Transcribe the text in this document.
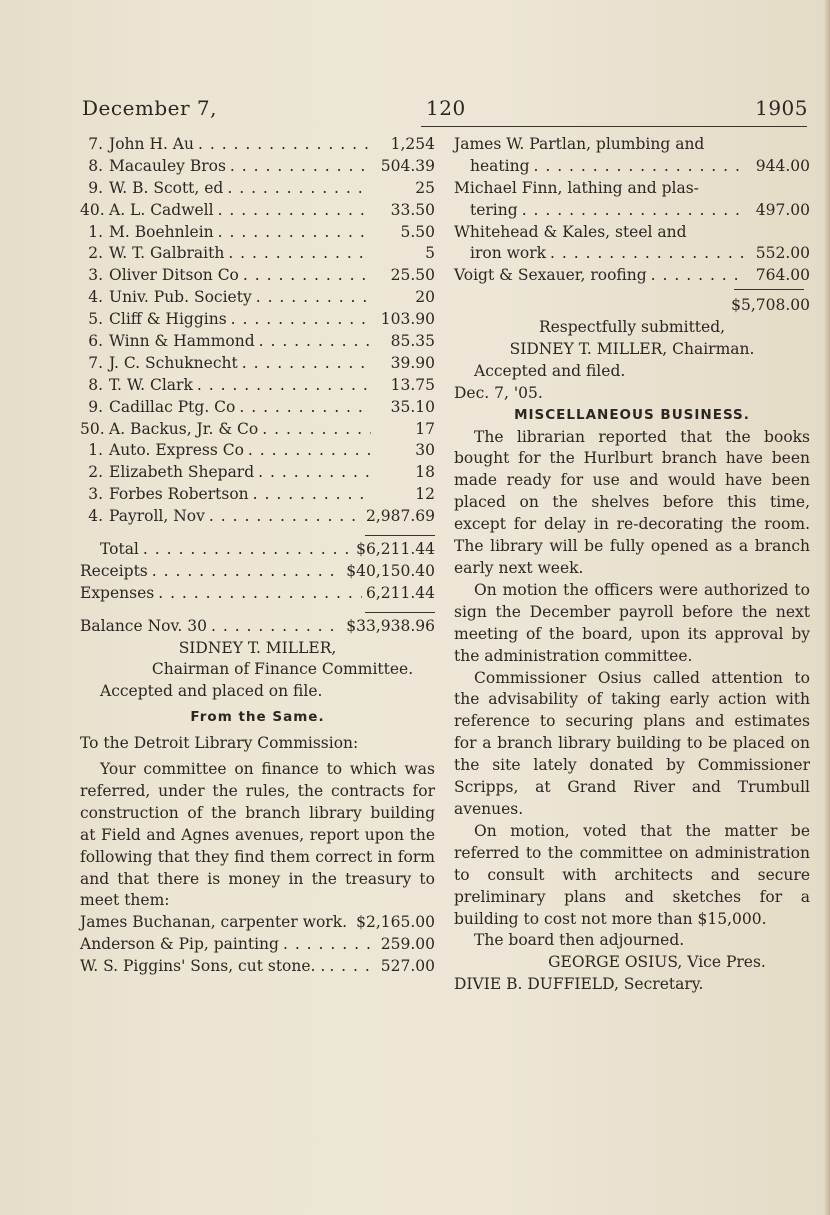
December 7,	120	1905
7. John H. Au . . .	1,254
8. Macauley Bros . . .	504.39
9. W. B. Scott, ed . . .	25
40. A. L. Cadwell . . .	33.50
1. M. Boehnlein . . .	5.50
2. W. T. Galbraith . . .	5
3. Oliver Ditson Co . . .	25.50
4. Univ. Pub. Society . . .	20
5. Cliff & Higgins . . .	103.90
6. Winn & Hammond . . .	85.35
7. J. C. Schuknecht . . .	39.90
8. T. W. Clark . . .	13.75
9. Cadillac Ptg. Co . . .	35.10
50. A. Backus, Jr. & Co . . .	17
1. Auto. Express Co . . .	30
2. Elizabeth Shepard . . .	18
3. Forbes Robertson . . .	12
4. Payroll, Nov . . .	2,987.69
Total . . .	$6,211.44
Receipts . . .	$40,150.40
Expenses . . .	6,211.44
Balance Nov. 30 . . .	$33,938.96
SIDNEY T. MILLER,
Chairman of Finance Committee.
Accepted and placed on file.
From the Same.
To the Detroit Library Commission:

Your committee on finance to which was referred, under the rules, the contracts for construction of the branch library building at Field and Agnes avenues, report upon the following that they find them correct in form and that there is money in the treasury to meet them:

James Buchanan, carpenter work. . . . $2,165.00
Anderson & Pip, painting . . .	259.00
W. S. Piggins' Sons, cut stone. . . . .	527.00
James W. Partlan, plumbing and
heating . . .	944.00
Michael Finn, lathing and plas-
tering . . .	497.00
Whitehead & Kales, steel and
iron work . . .	552.00
Voigt & Sexauer, roofing . . .	764.00
$5,708.00
Respectfully submitted,
SIDNEY T. MILLER, Chairman.
Accepted and filed.
Dec. 7, '05.
MISCELLANEOUS BUSINESS.

The librarian reported that the books bought for the Hurlburt branch have been made ready for use and would have been placed on the shelves before this time, except for delay in re-decorating the room. The library will be fully opened as a branch early next week.

On motion the officers were authorized to sign the December payroll before the next meeting of the board, upon its approval by the administration committee.

Commissioner Osius called attention to the advisability of taking early action with reference to securing plans and estimates for a branch library building to be placed on the site lately donated by Commissioner Scripps, at Grand River and Trumbull avenues.

On motion, voted that the matter be referred to the committee on administration to consult with architects and secure preliminary plans and sketches for a building to cost not more than $15,000.

The board then adjourned.

GEORGE OSIUS, Vice Pres.
DIVIE B. DUFFIELD, Secretary.
